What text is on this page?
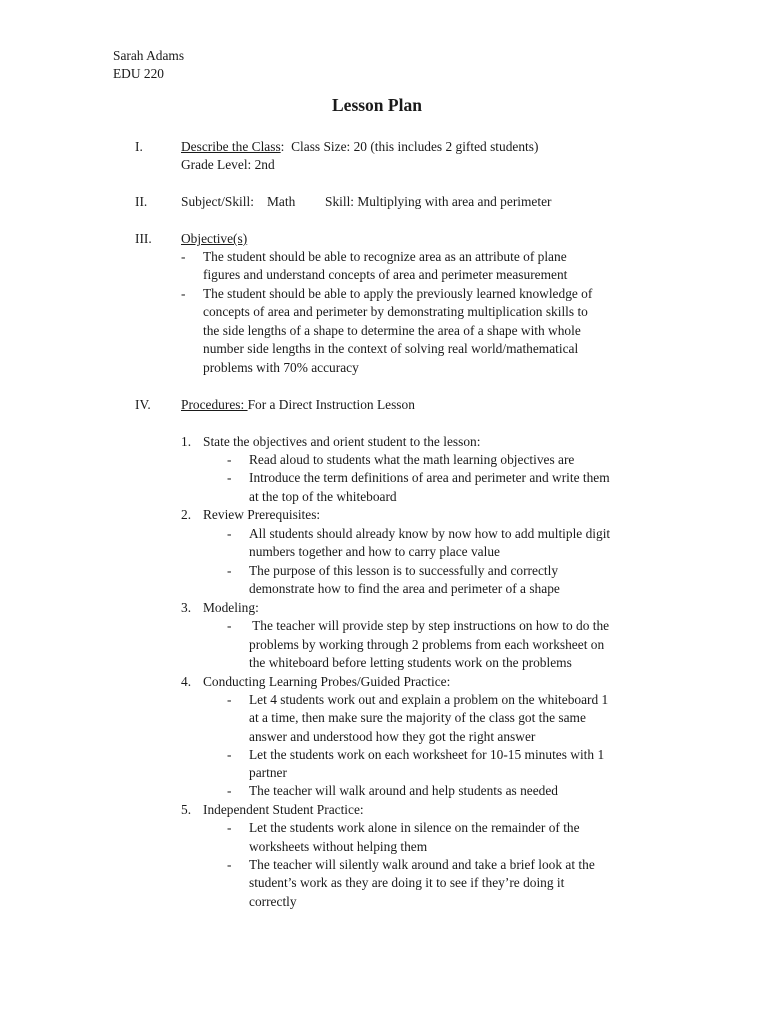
Sarah Adams
EDU 220
Lesson Plan
I.	Describe the Class: Class Size: 20 (this includes 2 gifted students)
Grade Level: 2nd
II.	Subject/Skill: Math Skill: Multiplying with area and perimeter
III. Objective(s)
- The student should be able to recognize area as an attribute of plane
figures and understand concepts of area and perimeter measurement
- The student should be able to apply the previously learned knowledge of
concepts of area and perimeter by demonstrating multiplication skills to
the side lengths of a shape to determine the area of a shape with whole
number side lengths in the context of solving real world/mathematical
problems with 70% accuracy
IV. Procedures: For a Direct Instruction Lesson
1. State the objectives and orient student to the lesson:
- Read aloud to students what the math learning objectives are
- Introduce the term definitions of area and perimeter and write them
at the top of the whiteboard
2. Review Prerequisites:
- All students should already know by now how to add multiple digit
numbers together and how to carry place value
- The purpose of this lesson is to successfully and correctly
demonstrate how to find the area and perimeter of a shape
3. Modeling:
- The teacher will provide step by step instructions on how to do the
problems by working through 2 problems from each worksheet on
the whiteboard before letting students work on the problems
4. Conducting Learning Probes/Guided Practice:
- Let 4 students work out and explain a problem on the whiteboard 1
at a time, then make sure the majority of the class got the same
answer and understood how they got the right answer
- Let the students work on each worksheet for 10-15 minutes with 1
partner
- The teacher will walk around and help students as needed
5. Independent Student Practice:
- Let the students work alone in silence on the remainder of the
worksheets without helping them
- The teacher will silently walk around and take a brief look at the
student’s work as they are doing it to see if they’re doing it
correctly
